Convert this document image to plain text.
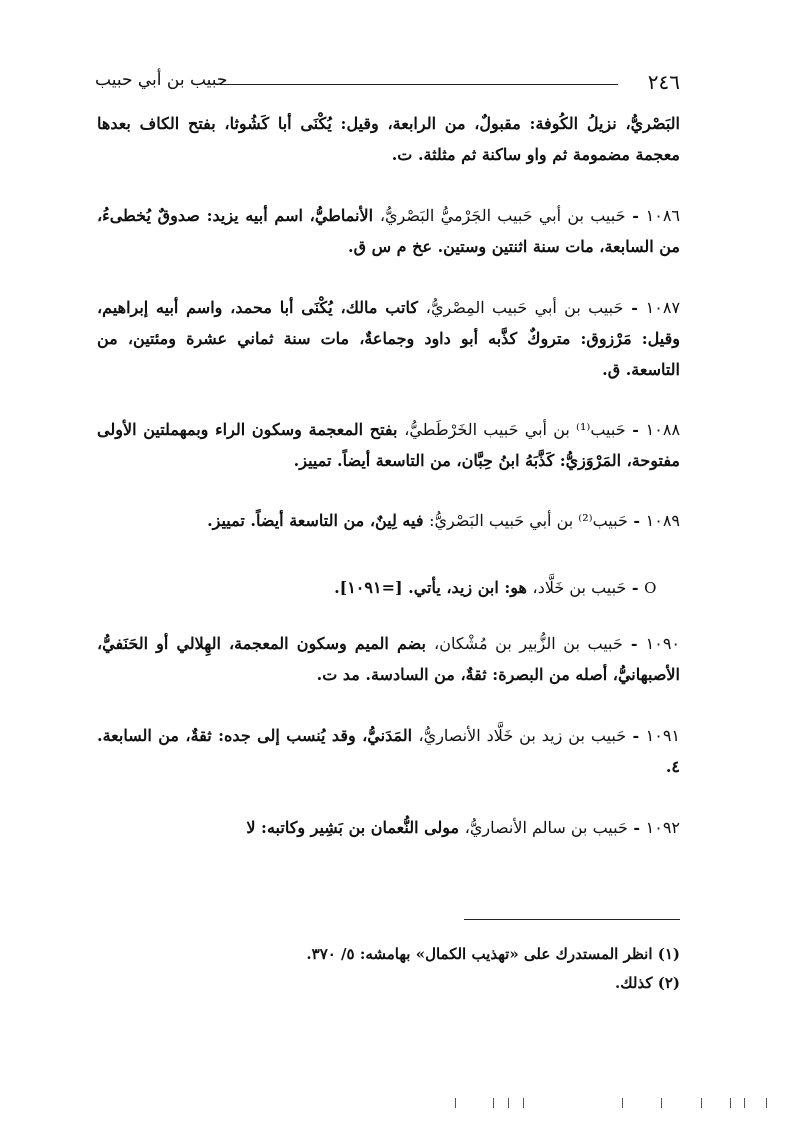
٢٤٦
حبيب بن أبي حبيب

البَصْريُّ، نزيلُ الكُوفة: مقبولٌ، من الرابعة، وقيل: يُكْنَى أبا كَشُوثا، بفتح الكاف بعدها معجمة مضمومة ثم واو ساكنة ثم مثلثة. ت.

١٠٨٦ - حَبيب بن أبي حَبيب الجَرْميُّ البَصْريُّ، الأنماطيُّ، اسم أبيه يزيد: صدوقٌ يُخطىءُ، من السابعة، مات سنة اثنتين وستين. عخ م س ق.

١٠٨٧ - حَبيب بن أبي حَبيب المِصْريُّ، كاتب مالك، يُكْنَى أبا محمد، واسم أبيه إبراهيم، وقيل: مَرْزوق: متروكٌ كذَّبه أبو داود وجماعةٌ، مات سنة ثماني عشرة ومئتين، من التاسعة. ق.

١٠٨٨ - حَبيب⁽¹⁾ بن أبي حَبيب الخَرْطَطيُّ، بفتح المعجمة وسكون الراء وبمهملتين الأولى مفتوحة، المَرْوَزيُّ: كَذَّبَهُ ابنُ حِبَّان، من التاسعة أيضاً. تمييز.

١٠٨٩ - حَبيب⁽²⁾ بن أبي حَبيب البَصْريُّ: فيه لِينٌ، من التاسعة أيضاً. تمييز.

O - حَبيب بن خَلَّاد، هو: ابن زيد، يأتي. [=١٠٩١].

١٠٩٠ - حَبيب بن الزُّبير بن مُشْكان، بضم الميم وسكون المعجمة، الهِلالي أو الحَنَفيُّ، الأصبهانيُّ، أصله من البصرة: ثقةٌ، من السادسة. مد ت.

١٠٩١ - حَبيب بن زيد بن خَلَّاد الأنصاريُّ، المَدَنيُّ، وقد يُنسب إلى جده: ثقةٌ، من السابعة. ٤.

١٠٩٢ - حَبيب بن سالم الأنصاريُّ، مولى النُّعمان بن بَشِير وكاتبه: لا

(١) انظر المستدرك على «تهذيب الكمال» بهامشه: ٥/ ٣٧٠.

(٢) كذلك.
